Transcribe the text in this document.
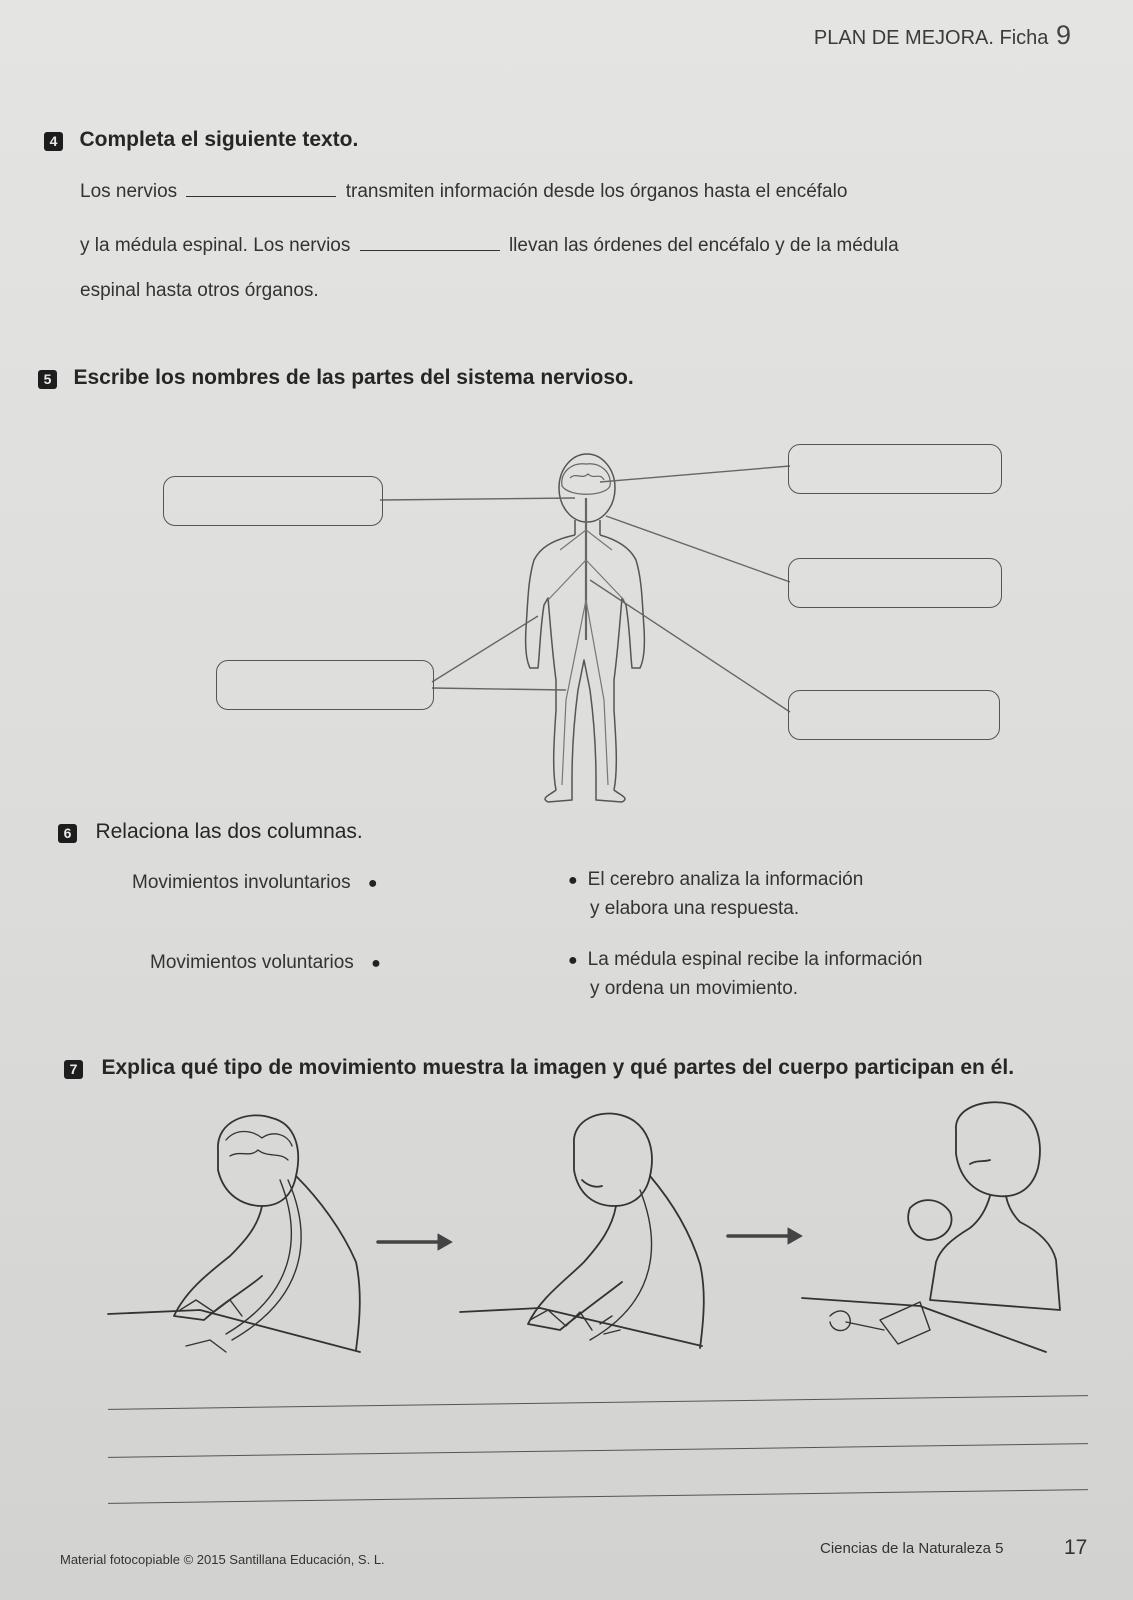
PLAN DE MEJORA. Ficha 9
4 Completa el siguiente texto.
Los nervios	transmiten información desde los órganos hasta el encéfalo
y la médula espinal. Los nervios	llevan las órdenes del encéfalo y de la médula
espinal hasta otros órganos.
5 Escribe los nombres de las partes del sistema nervioso.
6 Relaciona las dos columnas.
Movimientos involuntarios ●
Movimientos voluntarios ●
● El cerebro analiza la información
y elabora una respuesta.
● La médula espinal recibe la información
y ordena un movimiento.
7 Explica qué tipo de movimiento muestra la imagen y qué partes del cuerpo participan en él.
Material fotocopiable © 2015 Santillana Educación, S. L.
Ciencias de la Naturaleza 5	17
